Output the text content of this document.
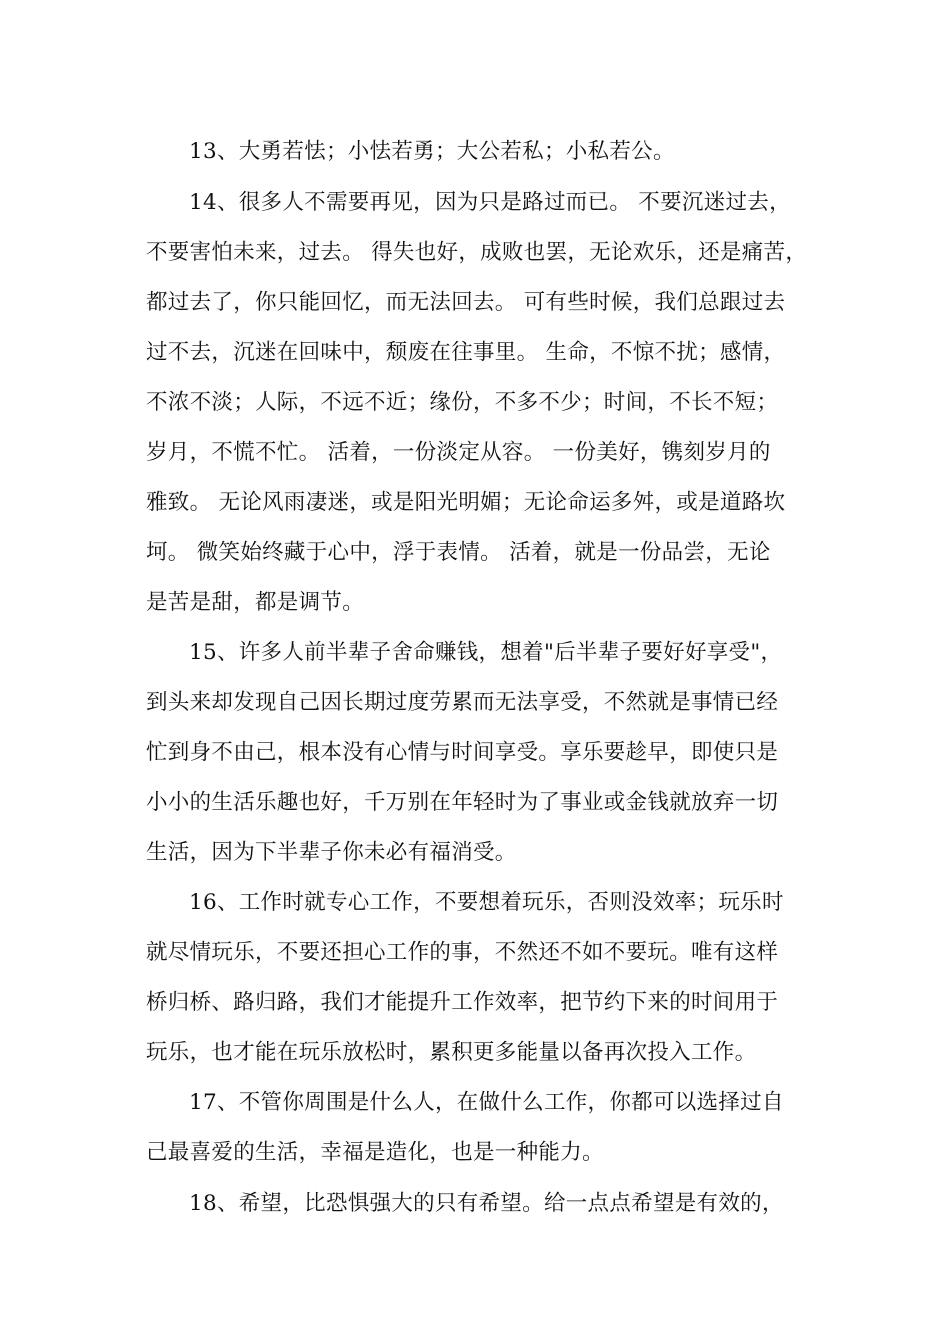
13、大勇若怯；小怯若勇；大公若私；小私若公。
14、很多人不需要再见，因为只是路过而已。 不要沉迷过去，
不要害怕未来，过去。 得失也好，成败也罢，无论欢乐，还是痛苦，
都过去了，你只能回忆，而无法回去。 可有些时候，我们总跟过去
过不去，沉迷在回味中，颓废在往事里。 生命，不惊不扰；感情，
不浓不淡；人际，不远不近；缘份，不多不少；时间，不长不短；
岁月，不慌不忙。 活着，一份淡定从容。 一份美好，镌刻岁月的
雅致。 无论风雨凄迷，或是阳光明媚；无论命运多舛，或是道路坎
坷。 微笑始终藏于心中，浮于表情。 活着，就是一份品尝，无论
是苦是甜，都是调节。
15、许多人前半辈子舍命赚钱，想着"后半辈子要好好享受"，
到头来却发现自己因长期过度劳累而无法享受，不然就是事情已经
忙到身不由己，根本没有心情与时间享受。享乐要趁早，即使只是
小小的生活乐趣也好，千万别在年轻时为了事业或金钱就放弃一切
生活，因为下半辈子你未必有福消受。
16、工作时就专心工作，不要想着玩乐，否则没效率；玩乐时
就尽情玩乐，不要还担心工作的事，不然还不如不要玩。唯有这样
桥归桥、路归路，我们才能提升工作效率，把节约下来的时间用于
玩乐，也才能在玩乐放松时，累积更多能量以备再次投入工作。
17、不管你周围是什么人，在做什么工作，你都可以选择过自
己最喜爱的生活，幸福是造化，也是一种能力。
18、希望，比恐惧强大的只有希望。给一点点希望是有效的，
